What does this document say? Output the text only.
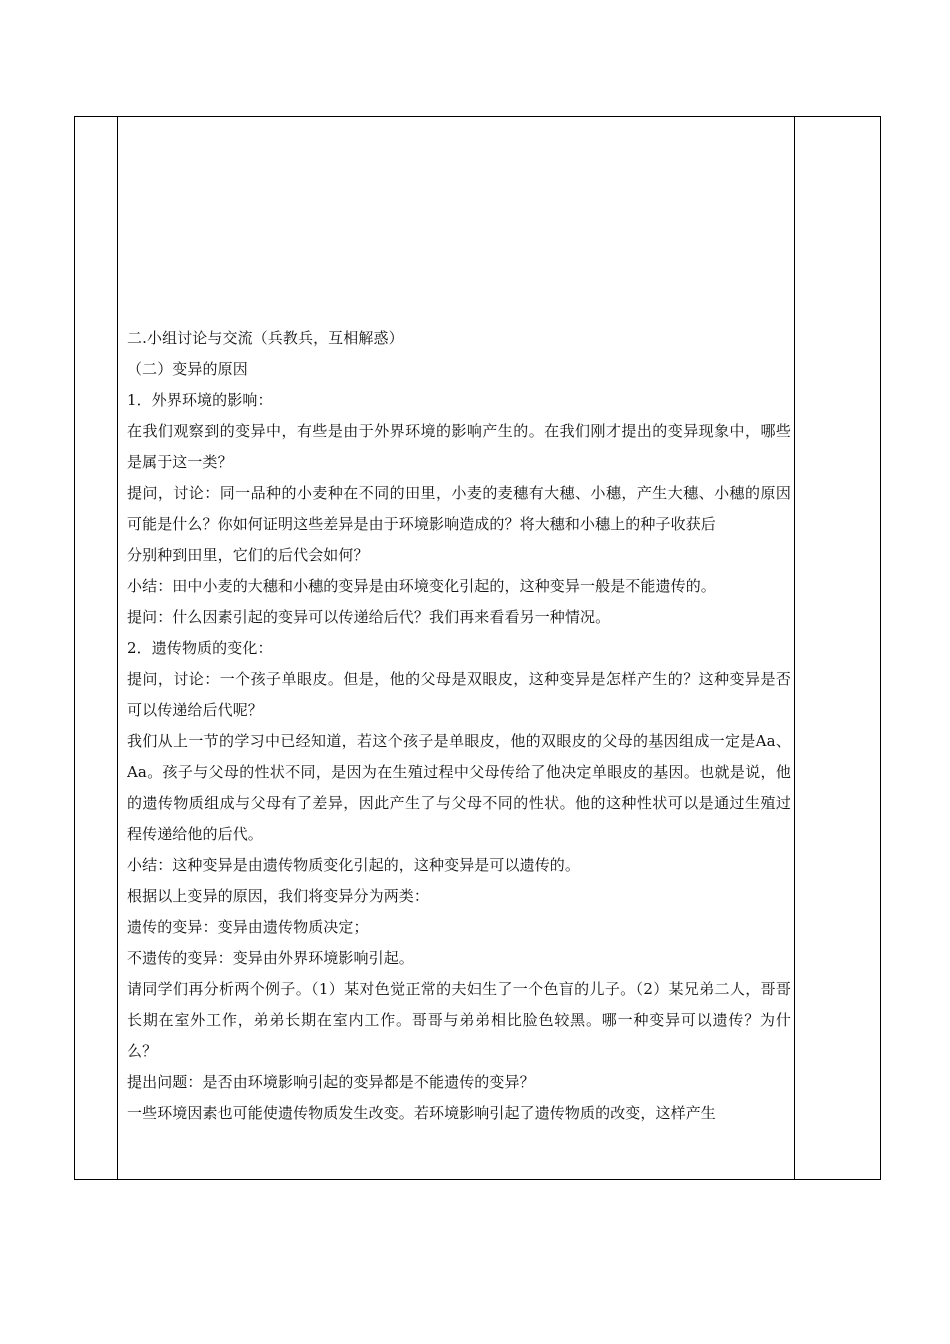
二.小组讨论与交流（兵教兵，互相解惑）

（二）变异的原因

1．外界环境的影响：

在我们观察到的变异中，有些是由于外界环境的影响产生的。在我们刚才提出的变异现象中，哪些是属于这一类？

提问，讨论：同一品种的小麦种在不同的田里，小麦的麦穗有大穗、小穗，产生大穗、小穗的原因可能是什么？你如何证明这些差异是由于环境影响造成的？将大穗和小穗上的种子收获后

分别种到田里，它们的后代会如何？

小结：田中小麦的大穗和小穗的变异是由环境变化引起的，这种变异一般是不能遗传的。

提问：什么因素引起的变异可以传递给后代？我们再来看看另一种情况。

2．遗传物质的变化：

提问，讨论：一个孩子单眼皮。但是，他的父母是双眼皮，这种变异是怎样产生的？这种变异是否可以传递给后代呢？

我们从上一节的学习中已经知道，若这个孩子是单眼皮，他的双眼皮的父母的基因组成一定是Aa、Aa。孩子与父母的性状不同，是因为在生殖过程中父母传给了他决定单眼皮的基因。也就是说，他的遗传物质组成与父母有了差异，因此产生了与父母不同的性状。他的这种性状可以是通过生殖过程传递给他的后代。

小结：这种变异是由遗传物质变化引起的，这种变异是可以遗传的。

根据以上变异的原因，我们将变异分为两类：

遗传的变异：变异由遗传物质决定；

不遗传的变异：变异由外界环境影响引起。

请同学们再分析两个例子。（1）某对色觉正常的夫妇生了一个色盲的儿子。（2）某兄弟二人，哥哥长期在室外工作，弟弟长期在室内工作。哥哥与弟弟相比脸色较黑。哪一种变异可以遗传？为什么？

提出问题：是否由环境影响引起的变异都是不能遗传的变异？

一些环境因素也可能使遗传物质发生改变。若环境影响引起了遗传物质的改变，这样产生
